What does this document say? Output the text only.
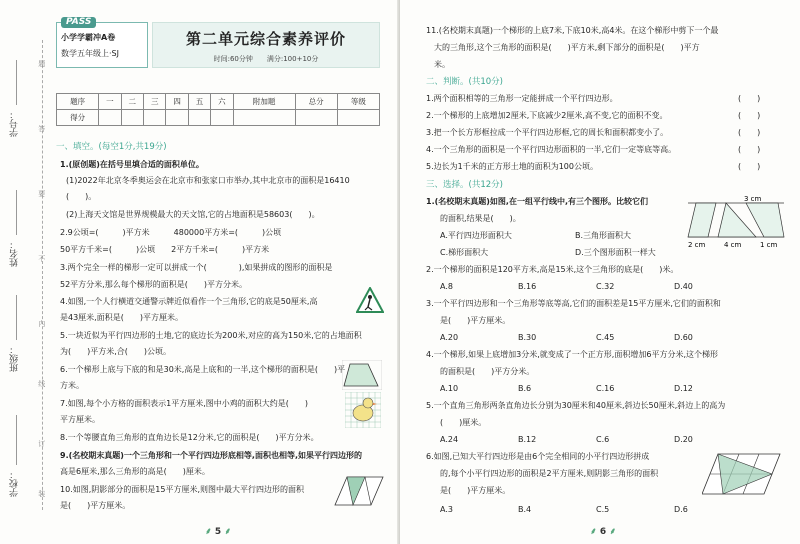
学号：
姓名：
班级：
学校：
题
答
要
不
内
线
订
装
PASS
小学学霸冲A卷
数学五年级上·SJ
第二单元综合素养评价
时间:60分钟　　满分:100+10分
题序	一	二	三	四	五	六	附加题	总分	等级
得分									
一、填空。(每空1分,共19分)
1.(原创题)在括号里填合适的面积单位。
(1)2022年北京冬季奥运会在北京市和张家口市举办,其中北京市的面积是16410
(　　)。
(2)上海天文馆是世界规模最大的天文馆,它的占地面积是58603(　　)。
2.9公顷=(　　　)平方米　　　480000平方米=(　　　)公顷
50平方千米=(　　　)公顷　　2平方千米=(　　　)平方米
3.两个完全一样的梯形一定可以拼成一个(　　　　),如果拼成的图形的面积是
52平方分米,那么每个梯形的面积是(　　)平方分米。
4.如图,一个人行横道交通警示牌近似看作一个三角形,它的底是50厘米,高
是43厘米,面积是(　　)平方厘米。
5.一块近似为平行四边形的土地,它的底边长为200米,对应的高为150米,它的占地面积
为(　　)平方米,合(　　)公顷。
6.一个梯形上底与下底的和是30米,高是上底和的一半,这个梯形的面积是(　　)平
方米。
7.如图,每个小方格的面积表示1平方厘米,图中小鸡的面积大约是(　　)
平方厘米。
8.一个等腰直角三角形的直角边长是12分米,它的面积是(　　)平方分米。
9.(名校期末真题)一个三角形和一个平行四边形底相等,面积也相等,如果平行四边形的
高是6厘米,那么三角形的高是(　　)厘米。
10.如图,阴影部分的面积是15平方厘米,则图中最大平行四边形的面积
是(　　)平方厘米。
⸙ 5 ⸙
11.(名校期末真题)一个梯形的上底7米,下底10米,高4米。在这个梯形中剪下一个最
大的三角形,这个三角形的面积是(　　)平方米,剩下部分的面积是(　　)平方
米。
二、判断。(共10分)
1.两个面积相等的三角形一定能拼成一个平行四边形。	(　　)
2.一个梯形的上底增加2厘米,下底减少2厘米,高不变,它的面积不变。	(　　)
3.把一个长方形框拉成一个平行四边形框,它的周长和面积都变小了。	(　　)
4.一个三角形的面积是一个平行四边形面积的一半,它们一定等底等高。	(　　)
5.边长为1千米的正方形土地的面积为100公顷。	(　　)
三、选择。(共12分)
1.(名校期末真题)如图,在一组平行线中,有三个图形。比较它们
的面积,结果是(　　)。
A.平行四边形面积大	B.三角形面积大
C.梯形面积大	D.三个图形面积一样大
3 cm
2 cm	4 cm	1 cm
2.一个梯形的面积是120平方米,高是15米,这个三角形的底是(　　)米。
A.8	B.16	C.32	D.40
3.一个平行四边形和一个三角形等底等高,它们的面积差是15平方厘米,它们的面积和
是(　　)平方厘米。
A.20	B.30	C.45	D.60
4.一个梯形,如果上底增加3分米,就变成了一个正方形,面积增加6平方分米,这个梯形
的面积是(　　)平方分米。
A.10	B.6	C.16	D.12
5.一个直角三角形两条直角边长分别为30厘米和40厘米,斜边长50厘米,斜边上的高为
(　　)厘米。
A.24	B.12	C.6	D.20
6.如图,已知大平行四边形是由6个完全相同的小平行四边形拼成
的,每个小平行四边形的面积是2平方厘米,则阴影三角形的面积
是(　　)平方厘米。
A.3	B.4	C.5	D.6
⸙ 6 ⸙
